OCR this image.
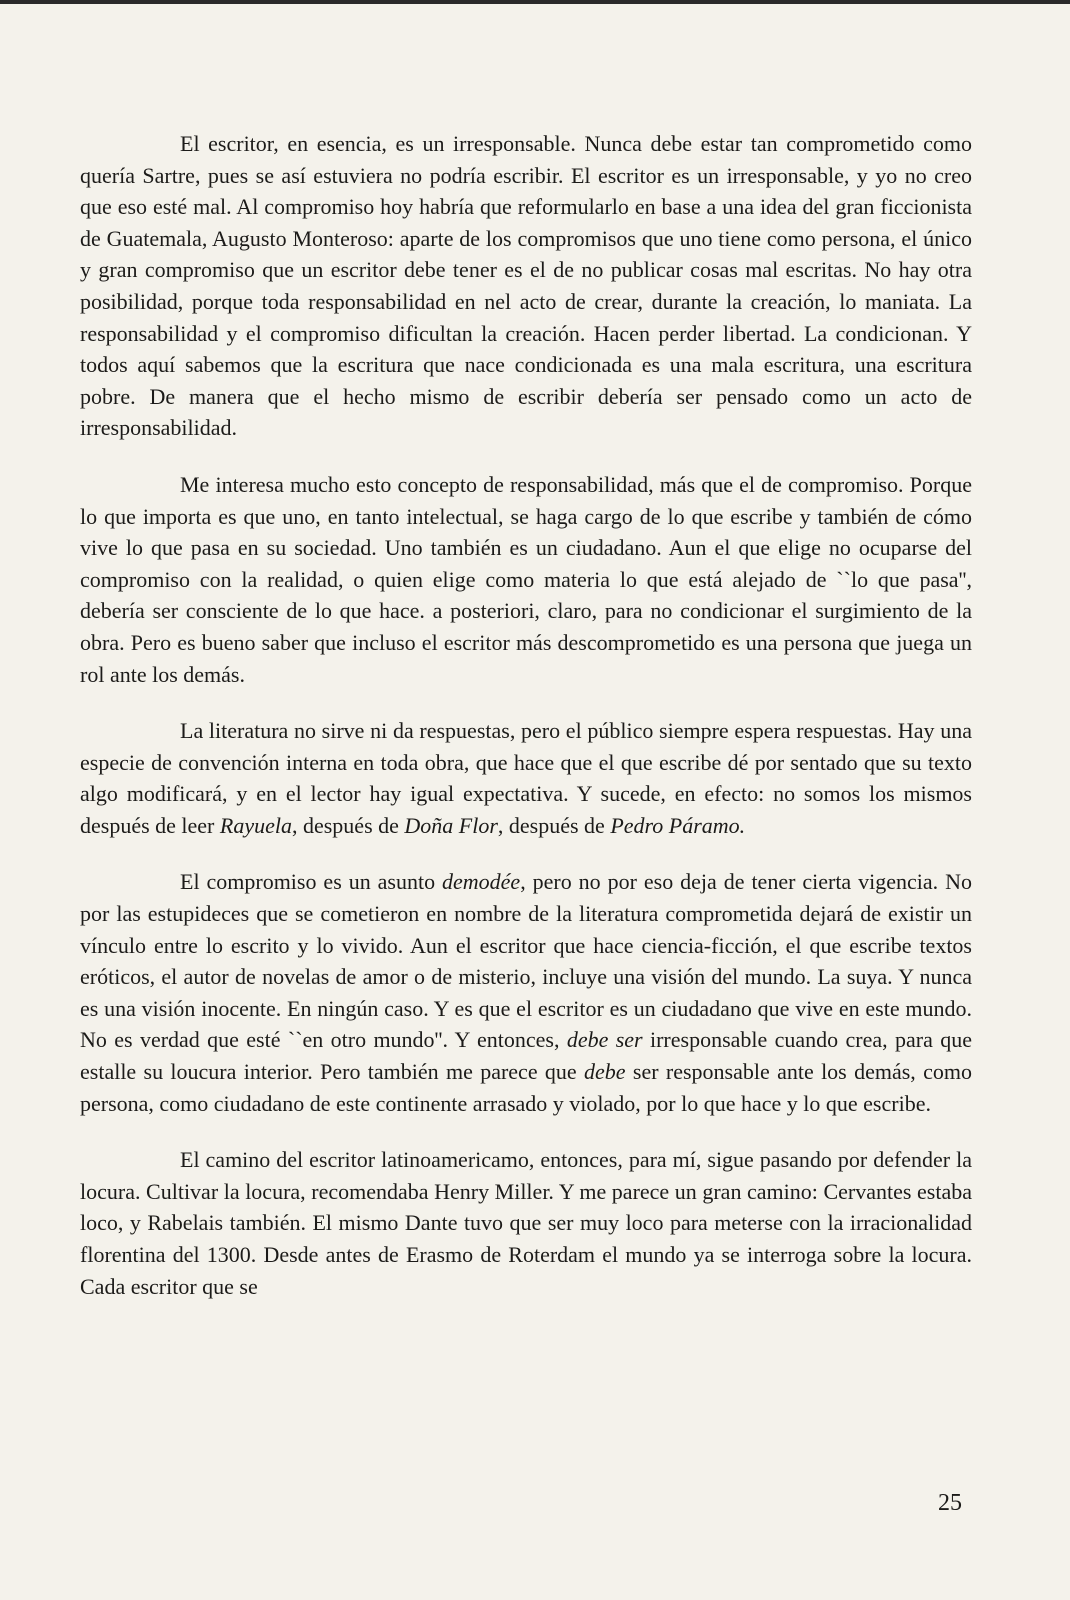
El escritor, en esencia, es un irresponsable. Nunca debe estar tan comprometido como quería Sartre, pues se así estuviera no podría escribir. El escritor es un irresponsable, y yo no creo que eso esté mal. Al compromiso hoy habría que reformularlo en base a una idea del gran ficcionista de Guatemala, Augusto Monteroso: aparte de los compromisos que uno tiene como persona, el único y gran compromiso que un escritor debe tener es el de no publicar cosas mal escritas. No hay otra posibilidad, porque toda responsabilidad en nel acto de crear, durante la creación, lo maniata. La responsabilidad y el compromiso dificultan la creación. Hacen perder libertad. La condicionan. Y todos aquí sabemos que la escritura que nace condicionada es una mala escritura, una escritura pobre. De manera que el hecho mismo de escribir debería ser pensado como un acto de irresponsabilidad.

Me interesa mucho esto concepto de responsabilidad, más que el de compromiso. Porque lo que importa es que uno, en tanto intelectual, se haga cargo de lo que escribe y también de cómo vive lo que pasa en su sociedad. Uno también es un ciudadano. Aun el que elige no ocuparse del compromiso con la realidad, o quien elige como materia lo que está alejado de ``lo que pasa'', debería ser consciente de lo que hace. a posteriori, claro, para no condicionar el surgimiento de la obra. Pero es bueno saber que incluso el escritor más descomprometido es una persona que juega un rol ante los demás.

La literatura no sirve ni da respuestas, pero el público siempre espera respuestas. Hay una especie de convención interna en toda obra, que hace que el que escribe dé por sentado que su texto algo modificará, y en el lector hay igual expectativa. Y sucede, en efecto: no somos los mismos después de leer Rayuela, después de Doña Flor, después de Pedro Páramo.

El compromiso es un asunto demodée, pero no por eso deja de tener cierta vigencia. No por las estupideces que se cometieron en nombre de la literatura comprometida dejará de existir un vínculo entre lo escrito y lo vivido. Aun el escritor que hace ciencia-ficción, el que escribe textos eróticos, el autor de novelas de amor o de misterio, incluye una visión del mundo. La suya. Y nunca es una visión inocente. En ningún caso. Y es que el escritor es un ciudadano que vive en este mundo. No es verdad que esté ``en otro mundo''. Y entonces, debe ser irresponsable cuando crea, para que estalle su loucura interior. Pero también me parece que debe ser responsable ante los demás, como persona, como ciudadano de este continente arrasado y violado, por lo que hace y lo que escribe.

El camino del escritor latinoamericamo, entonces, para mí, sigue pasando por defender la locura. Cultivar la locura, recomendaba Henry Miller. Y me parece un gran camino: Cervantes estaba loco, y Rabelais también. El mismo Dante tuvo que ser muy loco para meterse con la irracionalidad florentina del 1300. Desde antes de Erasmo de Roterdam el mundo ya se interroga sobre la locura. Cada escritor que se

25
